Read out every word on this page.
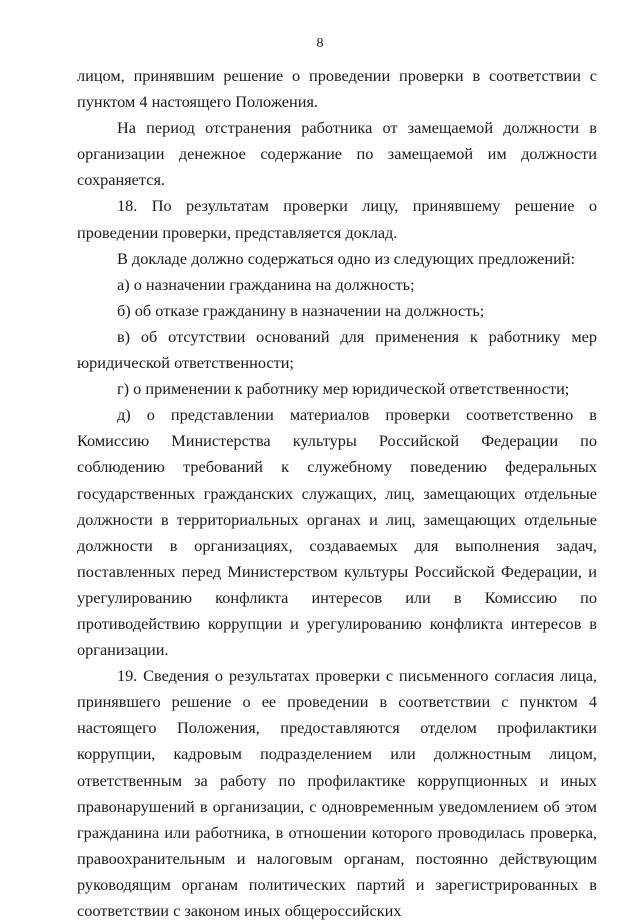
8

лицом, принявшим решение о проведении проверки в соответствии с пунктом 4 настоящего Положения.

На период отстранения работника от замещаемой должности в организации денежное содержание по замещаемой им должности сохраняется.

18. По результатам проверки лицу, принявшему решение о проведении проверки, представляется доклад.

В докладе должно содержаться одно из следующих предложений:

а) о назначении гражданина на должность;

б) об отказе гражданину в назначении на должность;

в) об отсутствии оснований для применения к работнику мер юридической ответственности;

г) о применении к работнику мер юридической ответственности;

д) о представлении материалов проверки соответственно в Комиссию Министерства культуры Российской Федерации по соблюдению требований к служебному поведению федеральных государственных гражданских служащих, лиц, замещающих отдельные должности в территориальных органах и лиц, замещающих отдельные должности в организациях, создаваемых для выполнения задач, поставленных перед Министерством культуры Российской Федерации, и урегулированию конфликта интересов или в Комиссию по противодействию коррупции и урегулированию конфликта интересов в организации.

19. Сведения о результатах проверки с письменного согласия лица, принявшего решение о ее проведении в соответствии с пунктом 4 настоящего Положения, предоставляются отделом профилактики коррупции, кадровым подразделением или должностным лицом, ответственным за работу по профилактике коррупционных и иных правонарушений в организации, с одновременным уведомлением об этом гражданина или работника, в отношении которого проводилась проверка, правоохранительным и налоговым органам, постоянно действующим руководящим органам политических партий и зарегистрированных в соответствии с законом иных общероссийских
